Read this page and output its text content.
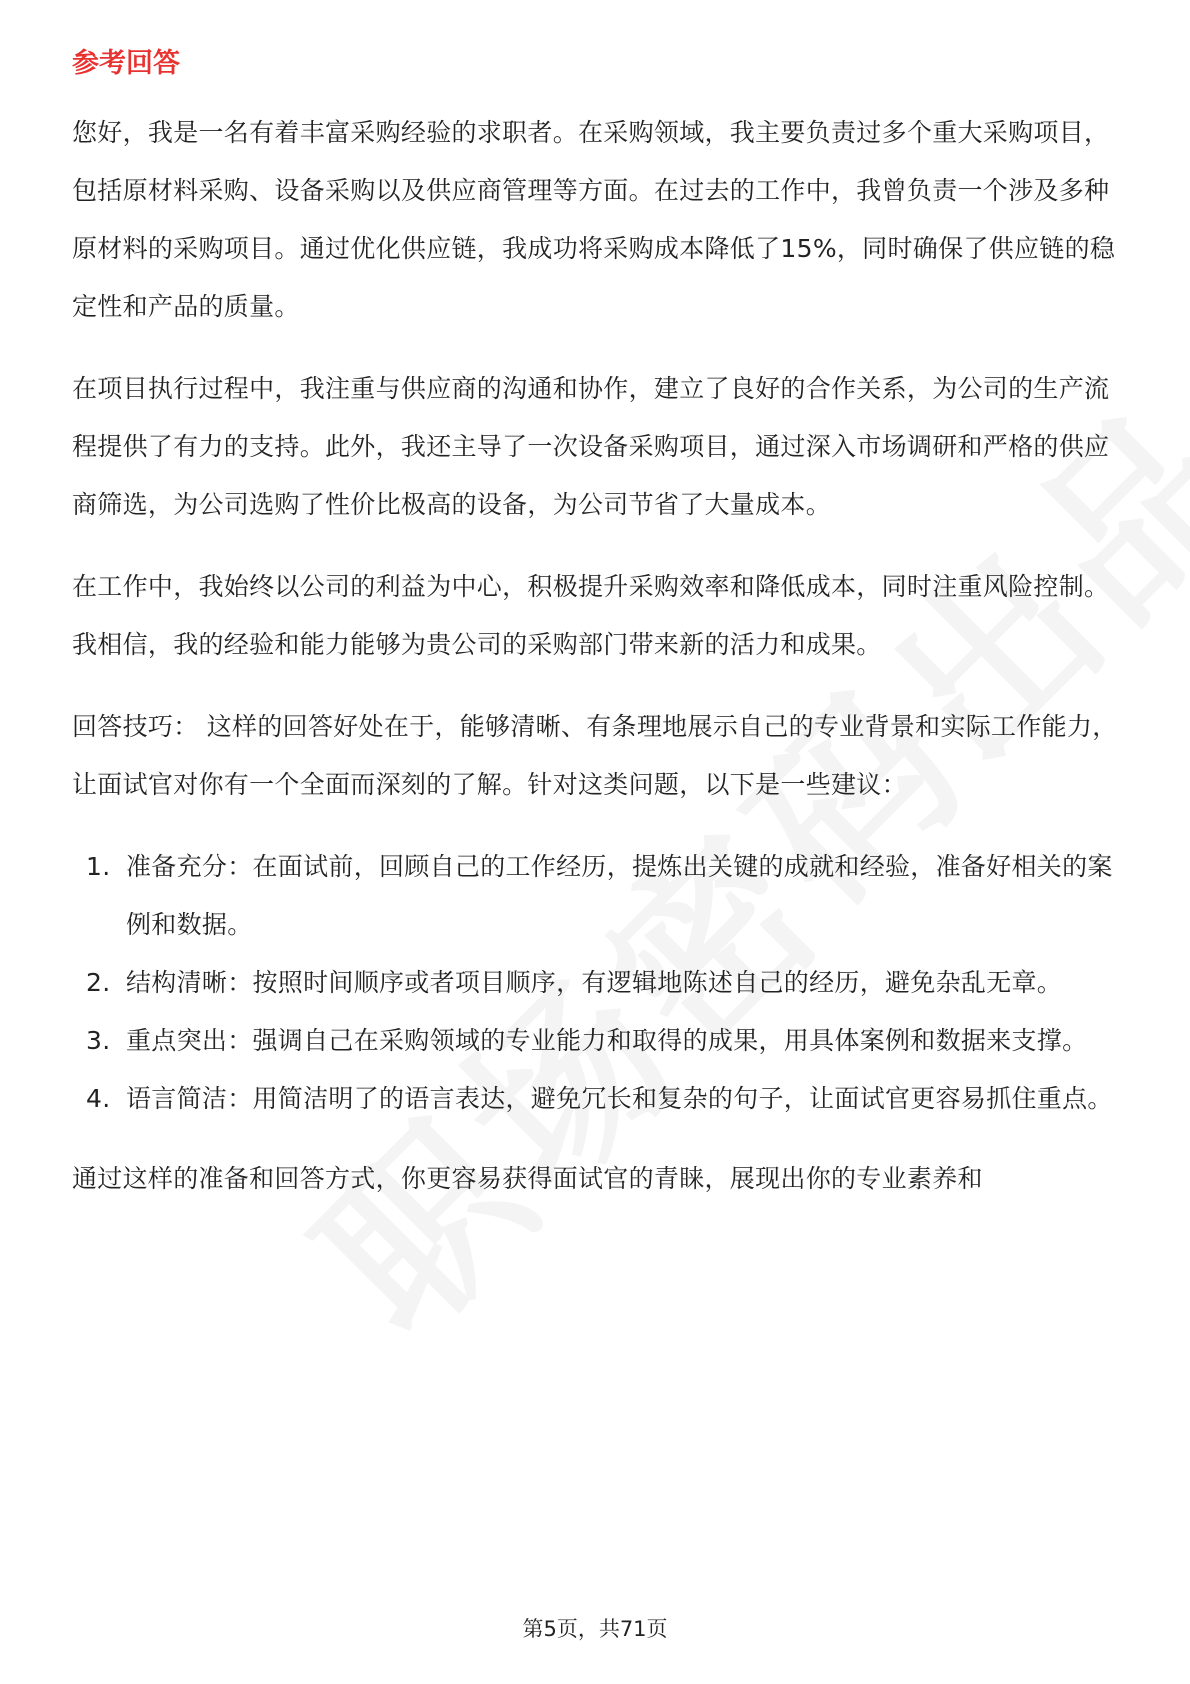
参考回答

您好，我是一名有着丰富采购经验的求职者。在采购领域，我主要负责过多个重大采购项目，包括原材料采购、设备采购以及供应商管理等方面。在过去的工作中，我曾负责一个涉及多种原材料的采购项目。通过优化供应链，我成功将采购成本降低了15%，同时确保了供应链的稳定性和产品的质量。

在项目执行过程中，我注重与供应商的沟通和协作，建立了良好的合作关系，为公司的生产流程提供了有力的支持。此外，我还主导了一次设备采购项目，通过深入市场调研和严格的供应商筛选，为公司选购了性价比极高的设备，为公司节省了大量成本。

在工作中，我始终以公司的利益为中心，积极提升采购效率和降低成本，同时注重风险控制。我相信，我的经验和能力能够为贵公司的采购部门带来新的活力和成果。

回答技巧： 这样的回答好处在于，能够清晰、有条理地展示自己的专业背景和实际工作能力，让面试官对你有一个全面而深刻的了解。针对这类问题，以下是一些建议：

1. 准备充分：在面试前，回顾自己的工作经历，提炼出关键的成就和经验，准备好相关的案例和数据。
2. 结构清晰：按照时间顺序或者项目顺序，有逻辑地陈述自己的经历，避免杂乱无章。
3. 重点突出：强调自己在采购领域的专业能力和取得的成果，用具体案例和数据来支撑。
4. 语言简洁：用简洁明了的语言表达，避免冗长和复杂的句子，让面试官更容易抓住重点。

通过这样的准备和回答方式，你更容易获得面试官的青睐，展现出你的专业素养和

第5页，共71页
